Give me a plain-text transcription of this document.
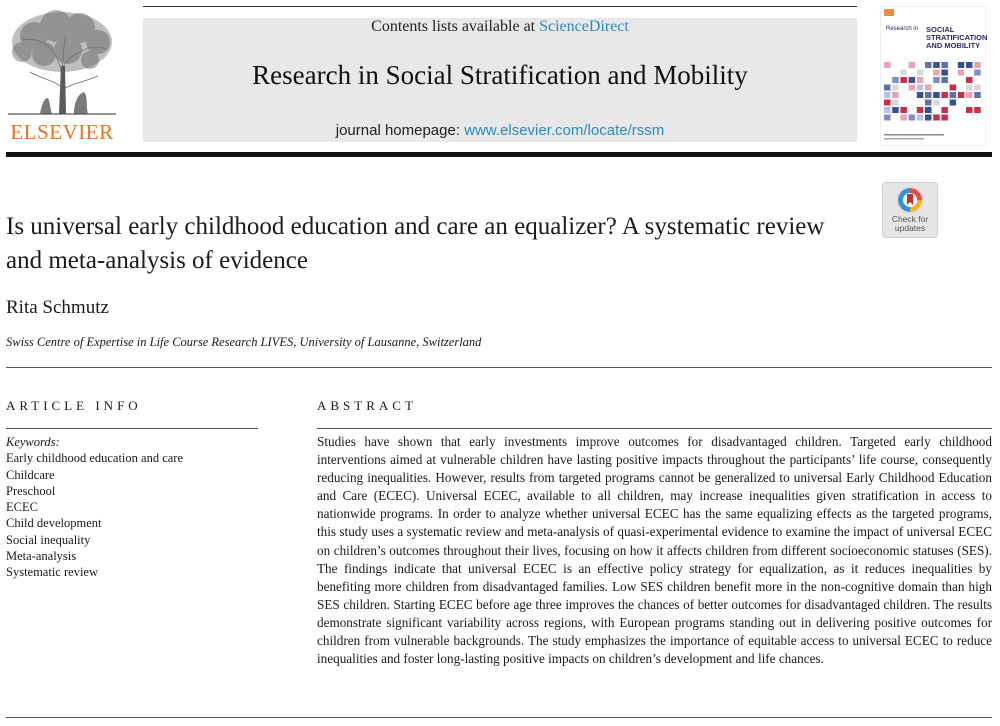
ELSEVIER
Contents lists available at ScienceDirect
Research in Social Stratification and Mobility
journal homepage: www.elsevier.com/locate/rssm
Research in SOCIAL STRATIFICATION AND MOBILITY
Check for updates
Is universal early childhood education and care an equalizer? A systematic review and meta-analysis of evidence
Rita Schmutz
Swiss Centre of Expertise in Life Course Research LIVES, University of Lausanne, Switzerland
ARTICLE INFO
Keywords:
Early childhood education and care
Childcare
Preschool
ECEC
Child development
Social inequality
Meta-analysis
Systematic review
ABSTRACT
Studies have shown that early investments improve outcomes for disadvantaged children. Targeted early childhood interventions aimed at vulnerable children have lasting positive impacts throughout the participants’ life course, consequently reducing inequalities. However, results from targeted programs cannot be generalized to universal Early Childhood Education and Care (ECEC). Universal ECEC, available to all children, may increase inequalities given stratification in access to nationwide programs. In order to analyze whether universal ECEC has the same equalizing effects as the targeted programs, this study uses a systematic review and meta-analysis of quasi-experimental evidence to examine the impact of universal ECEC on children’s outcomes throughout their lives, focusing on how it affects children from different socioeconomic statuses (SES). The findings indicate that universal ECEC is an effective policy strategy for equalization, as it reduces inequalities by benefiting more children from disadvantaged families. Low SES children benefit more in the non-cognitive domain than high SES children. Starting ECEC before age three improves the chances of better outcomes for disadvantaged children. The results demonstrate significant variability across regions, with European programs standing out in delivering positive outcomes for children from vulnerable backgrounds. The study emphasizes the importance of equitable access to universal ECEC to reduce inequalities and foster long-lasting positive impacts on children’s development and life chances.
